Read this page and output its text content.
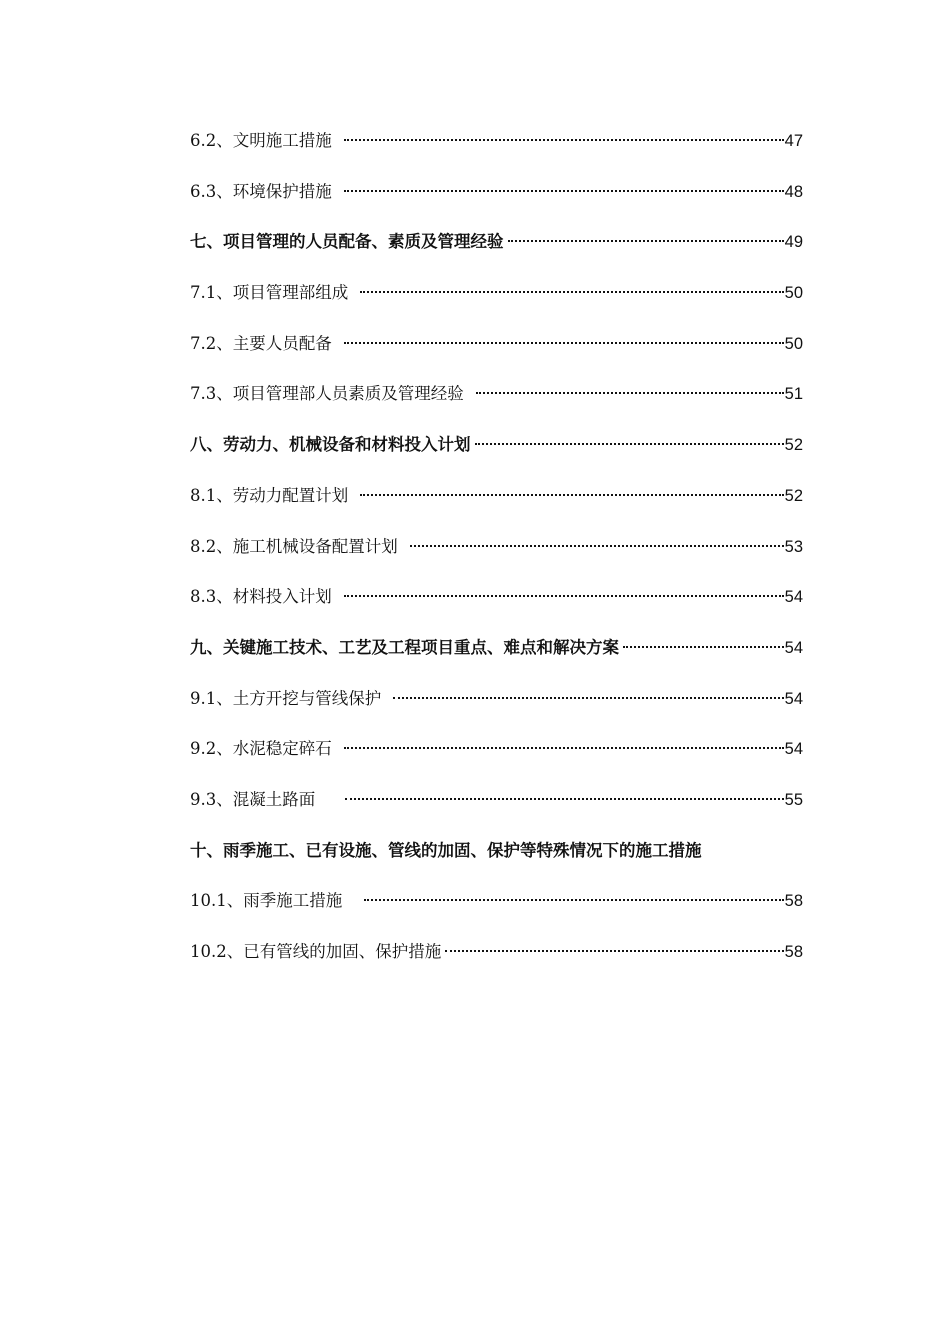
6.2、文明施工措施	47
6.3、环境保护措施	48
七、项目管理的人员配备、素质及管理经验	49
7.1、项目管理部组成	50
7.2、主要人员配备	50
7.3、项目管理部人员素质及管理经验	51
八、劳动力、机械设备和材料投入计划	52
8.1、劳动力配置计划	52
8.2、施工机械设备配置计划	53
8.3、材料投入计划	54
九、关键施工技术、工艺及工程项目重点、难点和解决方案	54
9.1、土方开挖与管线保护	54
9.2、水泥稳定碎石	54
9.3、混凝土路面	55
十、雨季施工、已有设施、管线的加固、保护等特殊情况下的施工措施
10.1、雨季施工措施	58
10.2、已有管线的加固、保护措施	58
